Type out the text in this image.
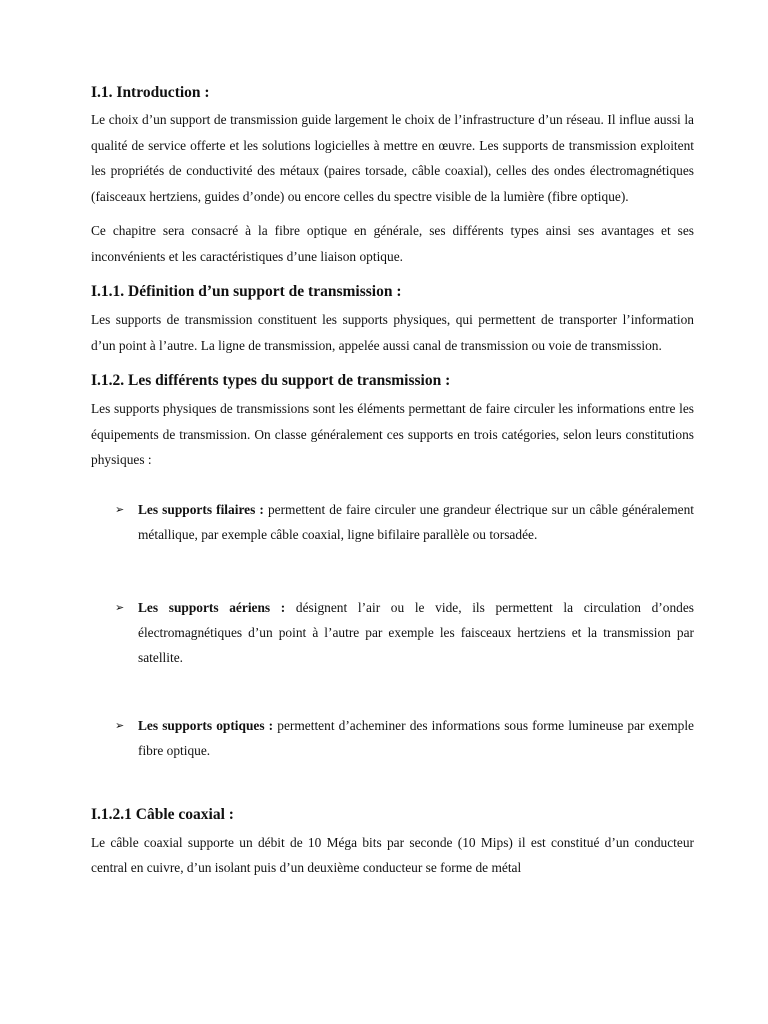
I.1. Introduction :

Le choix d’un support de transmission guide largement le choix de l’infrastructure d’un réseau. Il influe aussi la qualité de service offerte et les solutions logicielles à mettre en œuvre. Les supports de transmission exploitent les propriétés de conductivité des métaux (paires torsade, câble coaxial), celles des ondes électromagnétiques (faisceaux hertziens, guides d’onde) ou encore celles du spectre visible de la lumière (fibre optique).

Ce chapitre sera consacré à la fibre optique en générale, ses différents types ainsi ses avantages et ses inconvénients et les caractéristiques d’une liaison optique.

I.1.1. Définition d’un support de transmission :

Les supports de transmission constituent les supports physiques, qui permettent de transporter l’information d’un point à l’autre. La ligne de transmission, appelée aussi canal de transmission ou voie de transmission.

I.1.2. Les différents types du support de transmission :

Les supports physiques de transmissions sont les éléments permettant de faire circuler les informations entre les équipements de transmission. On classe généralement ces supports en trois catégories, selon leurs constitutions physiques :

➢	Les supports filaires : permettent de faire circuler une grandeur électrique sur un câble généralement métallique, par exemple câble coaxial, ligne bifilaire parallèle ou torsadée.
➢	Les supports aériens : désignent l’air ou le vide, ils permettent la circulation d’ondes électromagnétiques d’un point à l’autre par exemple les faisceaux hertziens et la transmission par satellite.
➢	Les supports optiques : permettent d’acheminer des informations sous forme lumineuse par exemple fibre optique.
I.1.2.1 Câble coaxial :

Le câble coaxial supporte un débit de 10 Méga bits par seconde (10 Mips) il est constitué d’un conducteur central en cuivre, d’un isolant puis d’un deuxième conducteur se forme de métal
